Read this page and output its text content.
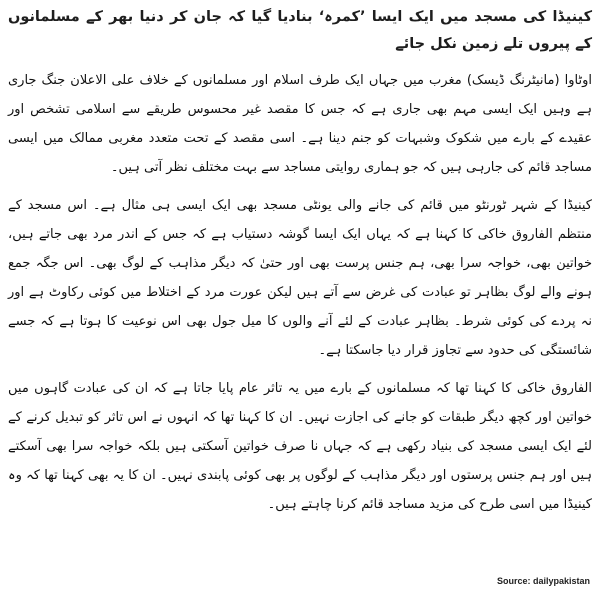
کینیڈا کی مسجد میں ایک ایسا ’کمرہ‘ بنادیا گیا کہ جان کر دنیا بھر کے مسلمانوں کے پیروں تلے زمین نکل جائے

اوٹاوا (مانیٹرنگ ڈیسک) مغرب میں جہاں ایک طرف اسلام اور مسلمانوں کے خلاف علی الاعلان جنگ جاری ہے وہیں ایک ایسی مہم بھی جاری ہے کہ جس کا مقصد غیر محسوس طریقے سے اسلامی تشخص اور عقیدے کے بارے میں شکوک وشبہات کو جنم دینا ہے۔ اسی مقصد کے تحت متعدد مغربی ممالک میں ایسی مساجد قائم کی جارہی ہیں کہ جو ہماری روایتی مساجد سے بہت مختلف نظر آتی ہیں۔

کینیڈا کے شہر ٹورنٹو میں قائم کی جانے والی یونٹی مسجد بھی ایک ایسی ہی مثال ہے۔ اس مسجد کے منتظم الفاروق خاکی کا کہنا ہے کہ یہاں ایک ایسا گوشہ دستیاب ہے کہ جس کے اندر مرد بھی جاتے ہیں، خواتین بھی، خواجہ سرا بھی، ہم جنس پرست بھی اور حتیٰ کہ دیگر مذاہب کے لوگ بھی۔ اس جگہ جمع ہونے والے لوگ بظاہر تو عبادت کی غرض سے آتے ہیں لیکن عورت مرد کے اختلاط میں کوئی رکاوٹ ہے اور نہ پردے کی کوئی شرط۔ بظاہر عبادت کے لئے آنے والوں کا میل جول بھی اس نوعیت کا ہوتا ہے کہ جسے شائستگی کی حدود سے تجاوز قرار دیا جاسکتا ہے۔

الفاروق خاکی کا کہنا تھا کہ مسلمانوں کے بارے میں یہ تاثر عام پایا جاتا ہے کہ ان کی عبادت گاہوں میں خواتین اور کچھ دیگر طبقات کو جانے کی اجازت نہیں۔ ان کا کہنا تھا کہ انہوں نے اس تاثر کو تبدیل کرنے کے لئے ایک ایسی مسجد کی بنیاد رکھی ہے کہ جہاں نا صرف خواتین آسکتی ہیں بلکہ خواجہ سرا بھی آسکتے ہیں اور ہم جنس پرستوں اور دیگر مذاہب کے لوگوں پر بھی کوئی پابندی نہیں۔ ان کا یہ بھی کہنا تھا کہ وہ کینیڈا میں اسی طرح کی مزید مساجد قائم کرنا چاہتے ہیں۔

Source: dailypakistan
